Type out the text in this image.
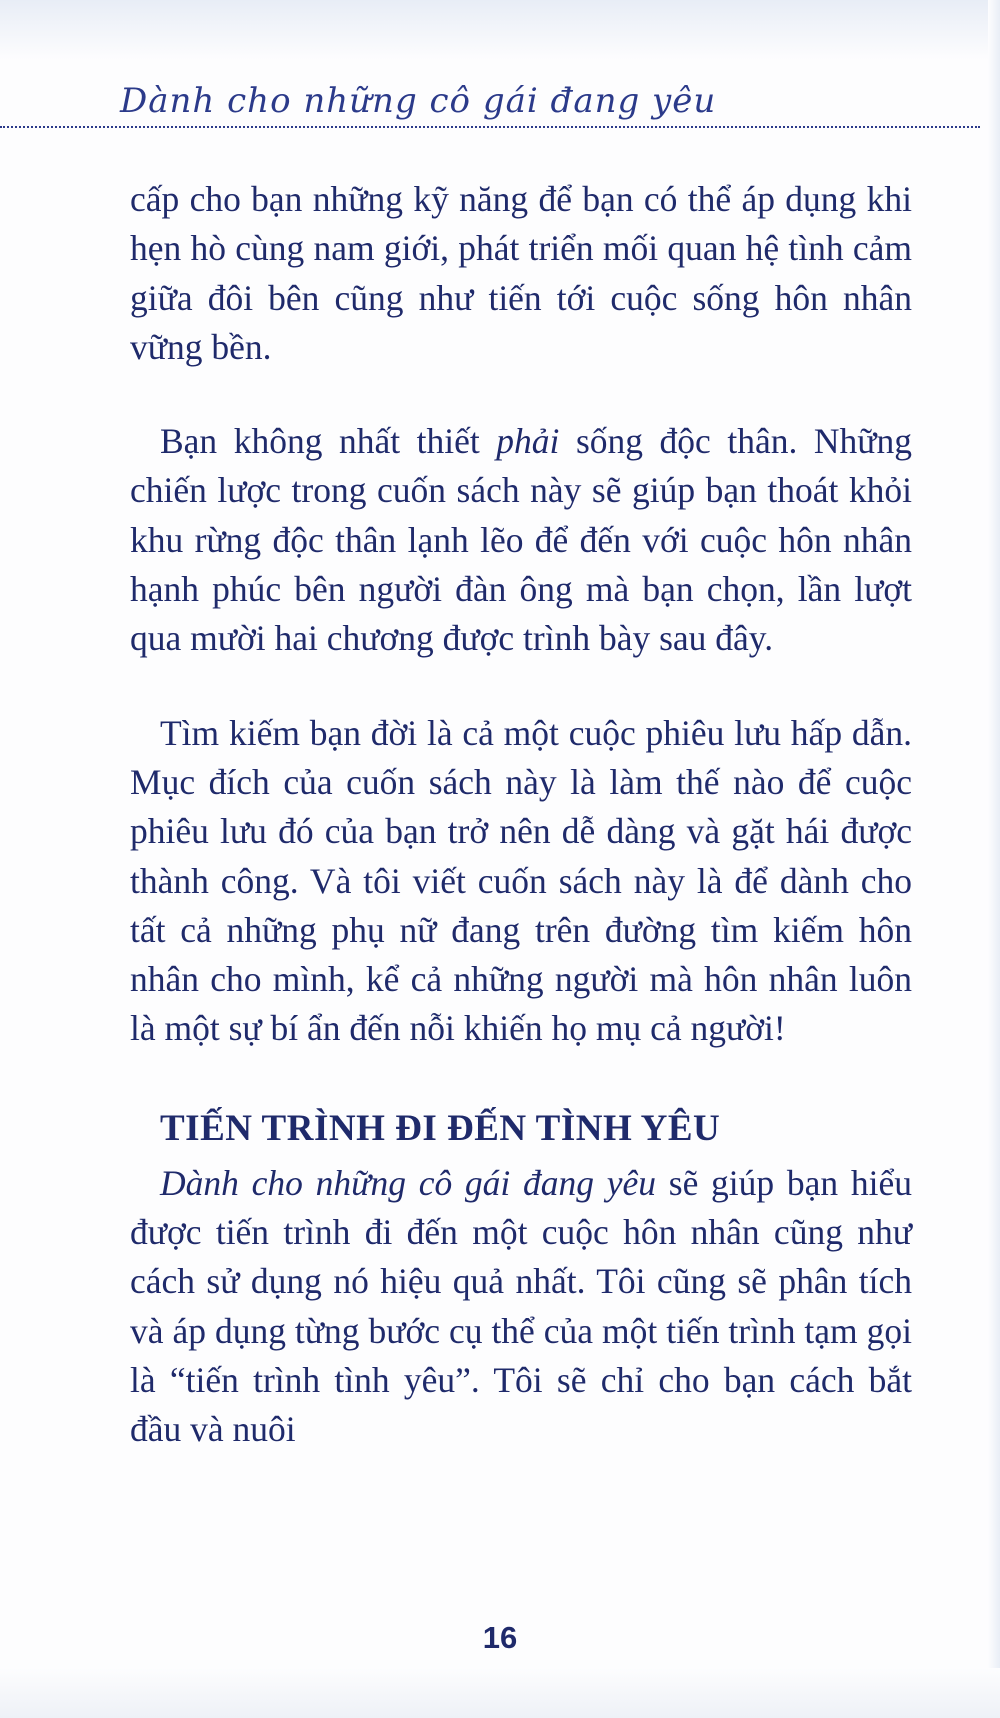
Dành cho những cô gái đang yêu

cấp cho bạn những kỹ năng để bạn có thể áp dụng khi hẹn hò cùng nam giới, phát triển mối quan hệ tình cảm giữa đôi bên cũng như tiến tới cuộc sống hôn nhân vững bền.

Bạn không nhất thiết phải sống độc thân. Những chiến lược trong cuốn sách này sẽ giúp bạn thoát khỏi khu rừng độc thân lạnh lẽo để đến với cuộc hôn nhân hạnh phúc bên người đàn ông mà bạn chọn, lần lượt qua mười hai chương được trình bày sau đây.

Tìm kiếm bạn đời là cả một cuộc phiêu lưu hấp dẫn. Mục đích của cuốn sách này là làm thế nào để cuộc phiêu lưu đó của bạn trở nên dễ dàng và gặt hái được thành công. Và tôi viết cuốn sách này là để dành cho tất cả những phụ nữ đang trên đường tìm kiếm hôn nhân cho mình, kể cả những người mà hôn nhân luôn là một sự bí ẩn đến nỗi khiến họ mụ cả người!

TIẾN TRÌNH ĐI ĐẾN TÌNH YÊU

Dành cho những cô gái đang yêu sẽ giúp bạn hiểu được tiến trình đi đến một cuộc hôn nhân cũng như cách sử dụng nó hiệu quả nhất. Tôi cũng sẽ phân tích và áp dụng từng bước cụ thể của một tiến trình tạm gọi là “tiến trình tình yêu”. Tôi sẽ chỉ cho bạn cách bắt đầu và nuôi

16
